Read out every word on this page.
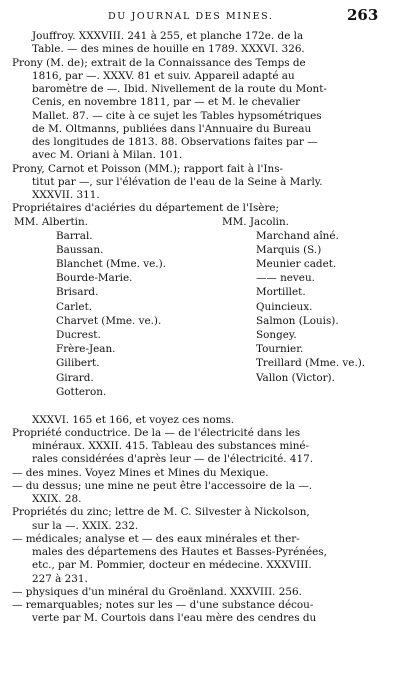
DU JOURNAL DES MINES.	263
Jouffroy. XXXVIII. 241 à 255, et planche 172e. de la
Table. — des mines de houille en 1789. XXXVI. 326.
Prony (M. de); extrait de la Connaissance des Temps de
1816, par —. XXXV. 81 et suiv. Appareil adapté au
baromètre de —. Ibid. Nivellement de la route du Mont-
Cenis, en novembre 1811, par — et M. le chevalier
Mallet. 87. — cite à ce sujet les Tables hypsométriques
de M. Oltmanns, publiées dans l'Annuaire du Bureau
des longitudes de 1813. 88. Observations faites par —
avec M. Oriani à Milan. 101.
Prony, Carnot et Poisson (MM.); rapport fait à l'Ins-
titut par —, sur l'élévation de l'eau de la Seine à Marly.
XXXVII. 311.
Propriétaires d'aciéries du département de l'Isère;
MM. Albertin.
Barral.
Baussan.
Blanchet (Mme. ve.).
Bourde-Marie.
Brisard.
Carlet.
Charvet (Mme. ve.).
Ducrest.
Frère-Jean.
Gilibert.
Girard.
Gotteron.
MM. Jacolin.
Marchand aîné.
Marquis (S.)
Meunier cadet.
—— neveu.
Mortillet.
Quincieux.
Salmon (Louis).
Songey.
Tournier.
Treillard (Mme. ve.).
Vallon (Victor).
XXXVI. 165 et 166, et voyez ces noms.
Propriété conductrice. De la — de l'électricité dans les
minéraux. XXXII. 415. Tableau des substances miné-
rales considérées d'après leur — de l'électricité. 417.
— des mines. Voyez Mines et Mines du Mexique.
— du dessus; une mine ne peut être l'accessoire de la —.
XXIX. 28.
Propriétés du zinc; lettre de M. C. Silvester à Nickolson,
sur la —. XXIX. 232.
— médicales; analyse et — des eaux minérales et ther-
males des départemens des Hautes et Basses-Pyrénées,
etc., par M. Pommier, docteur en médecine. XXXVIII.
227 à 231.
— physiques d'un minéral du Groënland. XXXVIII. 256.
— remarquables; notes sur les — d'une substance décou-
verte par M. Courtois dans l'eau mère des cendres du
